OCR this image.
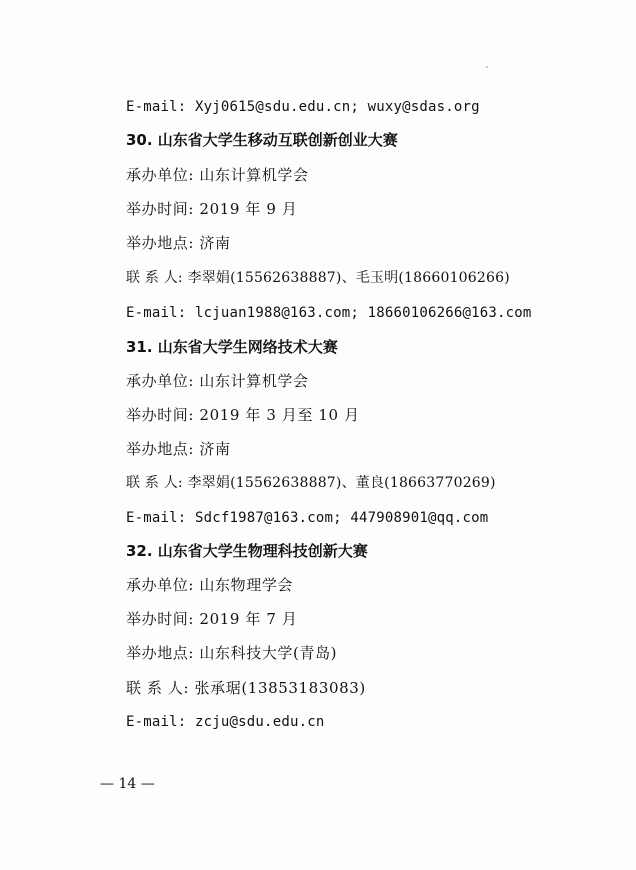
E-mail: Xyj0615@sdu.edu.cn; wuxy@sdas.org
30. 山东省大学生移动互联创新创业大赛
承办单位: 山东计算机学会
举办时间: 2019 年 9 月
举办地点: 济南
联 系 人: 李翠娟(15562638887)、毛玉明(18660106266)
E-mail: lcjuan1988@163.com; 18660106266@163.com
31. 山东省大学生网络技术大赛
承办单位: 山东计算机学会
举办时间: 2019 年 3 月至 10 月
举办地点: 济南
联 系 人: 李翠娟(15562638887)、董良(18663770269)
E-mail: Sdcf1987@163.com; 447908901@qq.com
32. 山东省大学生物理科技创新大赛
承办单位: 山东物理学会
举办时间: 2019 年 7 月
举办地点: 山东科技大学(青岛)
联 系 人: 张承琚(13853183083)
E-mail: zcju@sdu.edu.cn
— 14 —
